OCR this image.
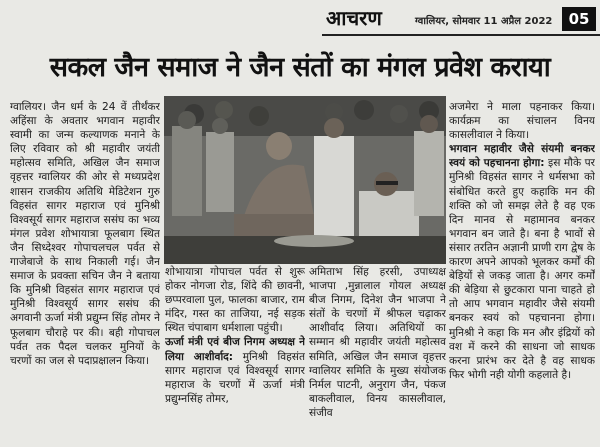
आचरण	ग्वालियर, सोमवार 11 अप्रैल 2022	05
सकल जैन समाज ने जैन संतों का मंगल प्रवेश कराया
ग्वालियर। जैन धर्म के 24 वें तीर्थंकर अहिंसा के अवतार भगवान महावीर स्वामी का जन्म कल्याणक मनाने के लिए रविवार को श्री महावीर जयंती महोत्सव समिति, अखिल जैन समाज वृहत्तर ग्वालियर की ओर से मध्यप्रदेश शासन राजकीय अतिथि मेडिटेशन गुरु विहसंत सागर महाराज एवं मुनिश्री विश्वसूर्य सागर महाराज ससंघ का भव्य मंगल प्रवेश शोभायात्रा फूलबाग स्थित जैन सिध्देश्वर गोपाचलचल पर्वत से गाजेबाजे के साथ निकाली गई। जैन समाज के प्रवक्ता सचिन जैन ने बताया कि मुनिश्री विहसंत सागर महाराज एवं मुनिश्री विश्वसूर्य सागर ससंघ की अगवानी ऊर्जा मंत्री प्रद्युम्न सिंह तोमर ने फूलबाग चौराहे पर की। बही गोपाचल पर्वत तक पैदल चलकर मुनियों के चरणों का जल से पदाप्रक्षालन किया।
शोभायात्रा गोपाचल पर्वत से शुरू होकर नोगजा रोड, शिंदे की छावनी, छप्परवाला पुल, फालका बाजार, राम मंदिर, गस्त का ताजिया, नई सड़क स्थित चंपाबाग धर्मशाला पहुंची।
ऊर्जा मंत्री एवं बीज निगम अध्यक्ष ने लिया आशीर्वाद: मुनिश्री विहसंत सागर महाराज एवं विश्वसूर्य सागर महाराज के चरणों में ऊर्जा मंत्री प्रद्युम्नसिंह तोमर,
अमिताभ सिंह हरसी, उपाध्यक्ष भाजपा ,मुन्नालाल गोयल अध्यक्ष बीज निगम, दिनेश जैन भाजपा ने संतों के चरणों में श्रीफल चढ़ाकर आशीर्वाद लिया। अतिथियों का सम्मान श्री महावीर जयंती महोत्सव समिति, अखिल जैन समाज वृहत्तर ग्वालियर समिति के मुख्य संयोजक निर्मल पाटनी, अनुराग जैन, पंकज बाकलीवाल, विनय कासलीवाल, संजीव
अजमेरा ने माला पहनाकर किया। कार्यक्रम का संचालन विनय कासलीवाल ने किया।
भगवान महावीर जैसे संयमी बनकर स्वयं को पहचानना होगा: इस मौके पर मुनिश्री विहसंत सागर ने धर्मसभा को संबोधित करते हुए कहाकि मन की शक्ति को जो समझ लेते है वह एक दिन मानव से महामानव बनकर भगवान बन जाते है। बना है भावों से संसार तरतिन अज्ञानी प्राणी राग द्वेष के कारण अपने आपको भूलकर कर्मों की बेड़ियों से जकड़ जाता है। अगर कर्मों की बेड़िया से छुटकारा पाना चाहते हो तो आप भगवान महावीर जैसे संयमी बनकर स्वयं को पहचानना होगा। मुनिश्री ने कहा कि मन और इंद्रियों को वश में करने की साधना जो साधक करना प्रारंभ कर देते है वह साधक फिर भोगी नही योगी कहलाते है।
